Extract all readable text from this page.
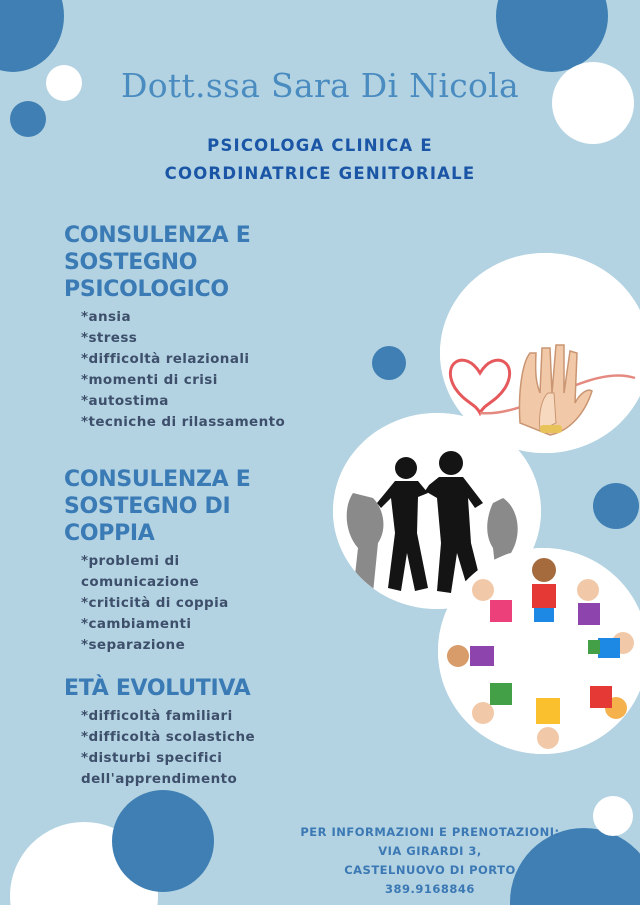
Dott.ssa Sara Di Nicola
PSICOLOGA CLINICA E
COORDINATRICE GENITORIALE
CONSULENZA E
SOSTEGNO
PSICOLOGICO
*ansia
*stress
*difficoltà relazionali
*momenti di crisi
*autostima
*tecniche di rilassamento
CONSULENZA E
SOSTEGNO DI
COPPIA
*problemi di
comunicazione
*criticità di coppia
*cambiamenti
*separazione
ETÀ EVOLUTIVA
*difficoltà familiari
*difficoltà scolastiche
*disturbi specifici
dell'apprendimento
PER INFORMAZIONI E PRENOTAZIONI:
VIA GIRARDI 3,
CASTELNUOVO DI PORTO
389.9168846
